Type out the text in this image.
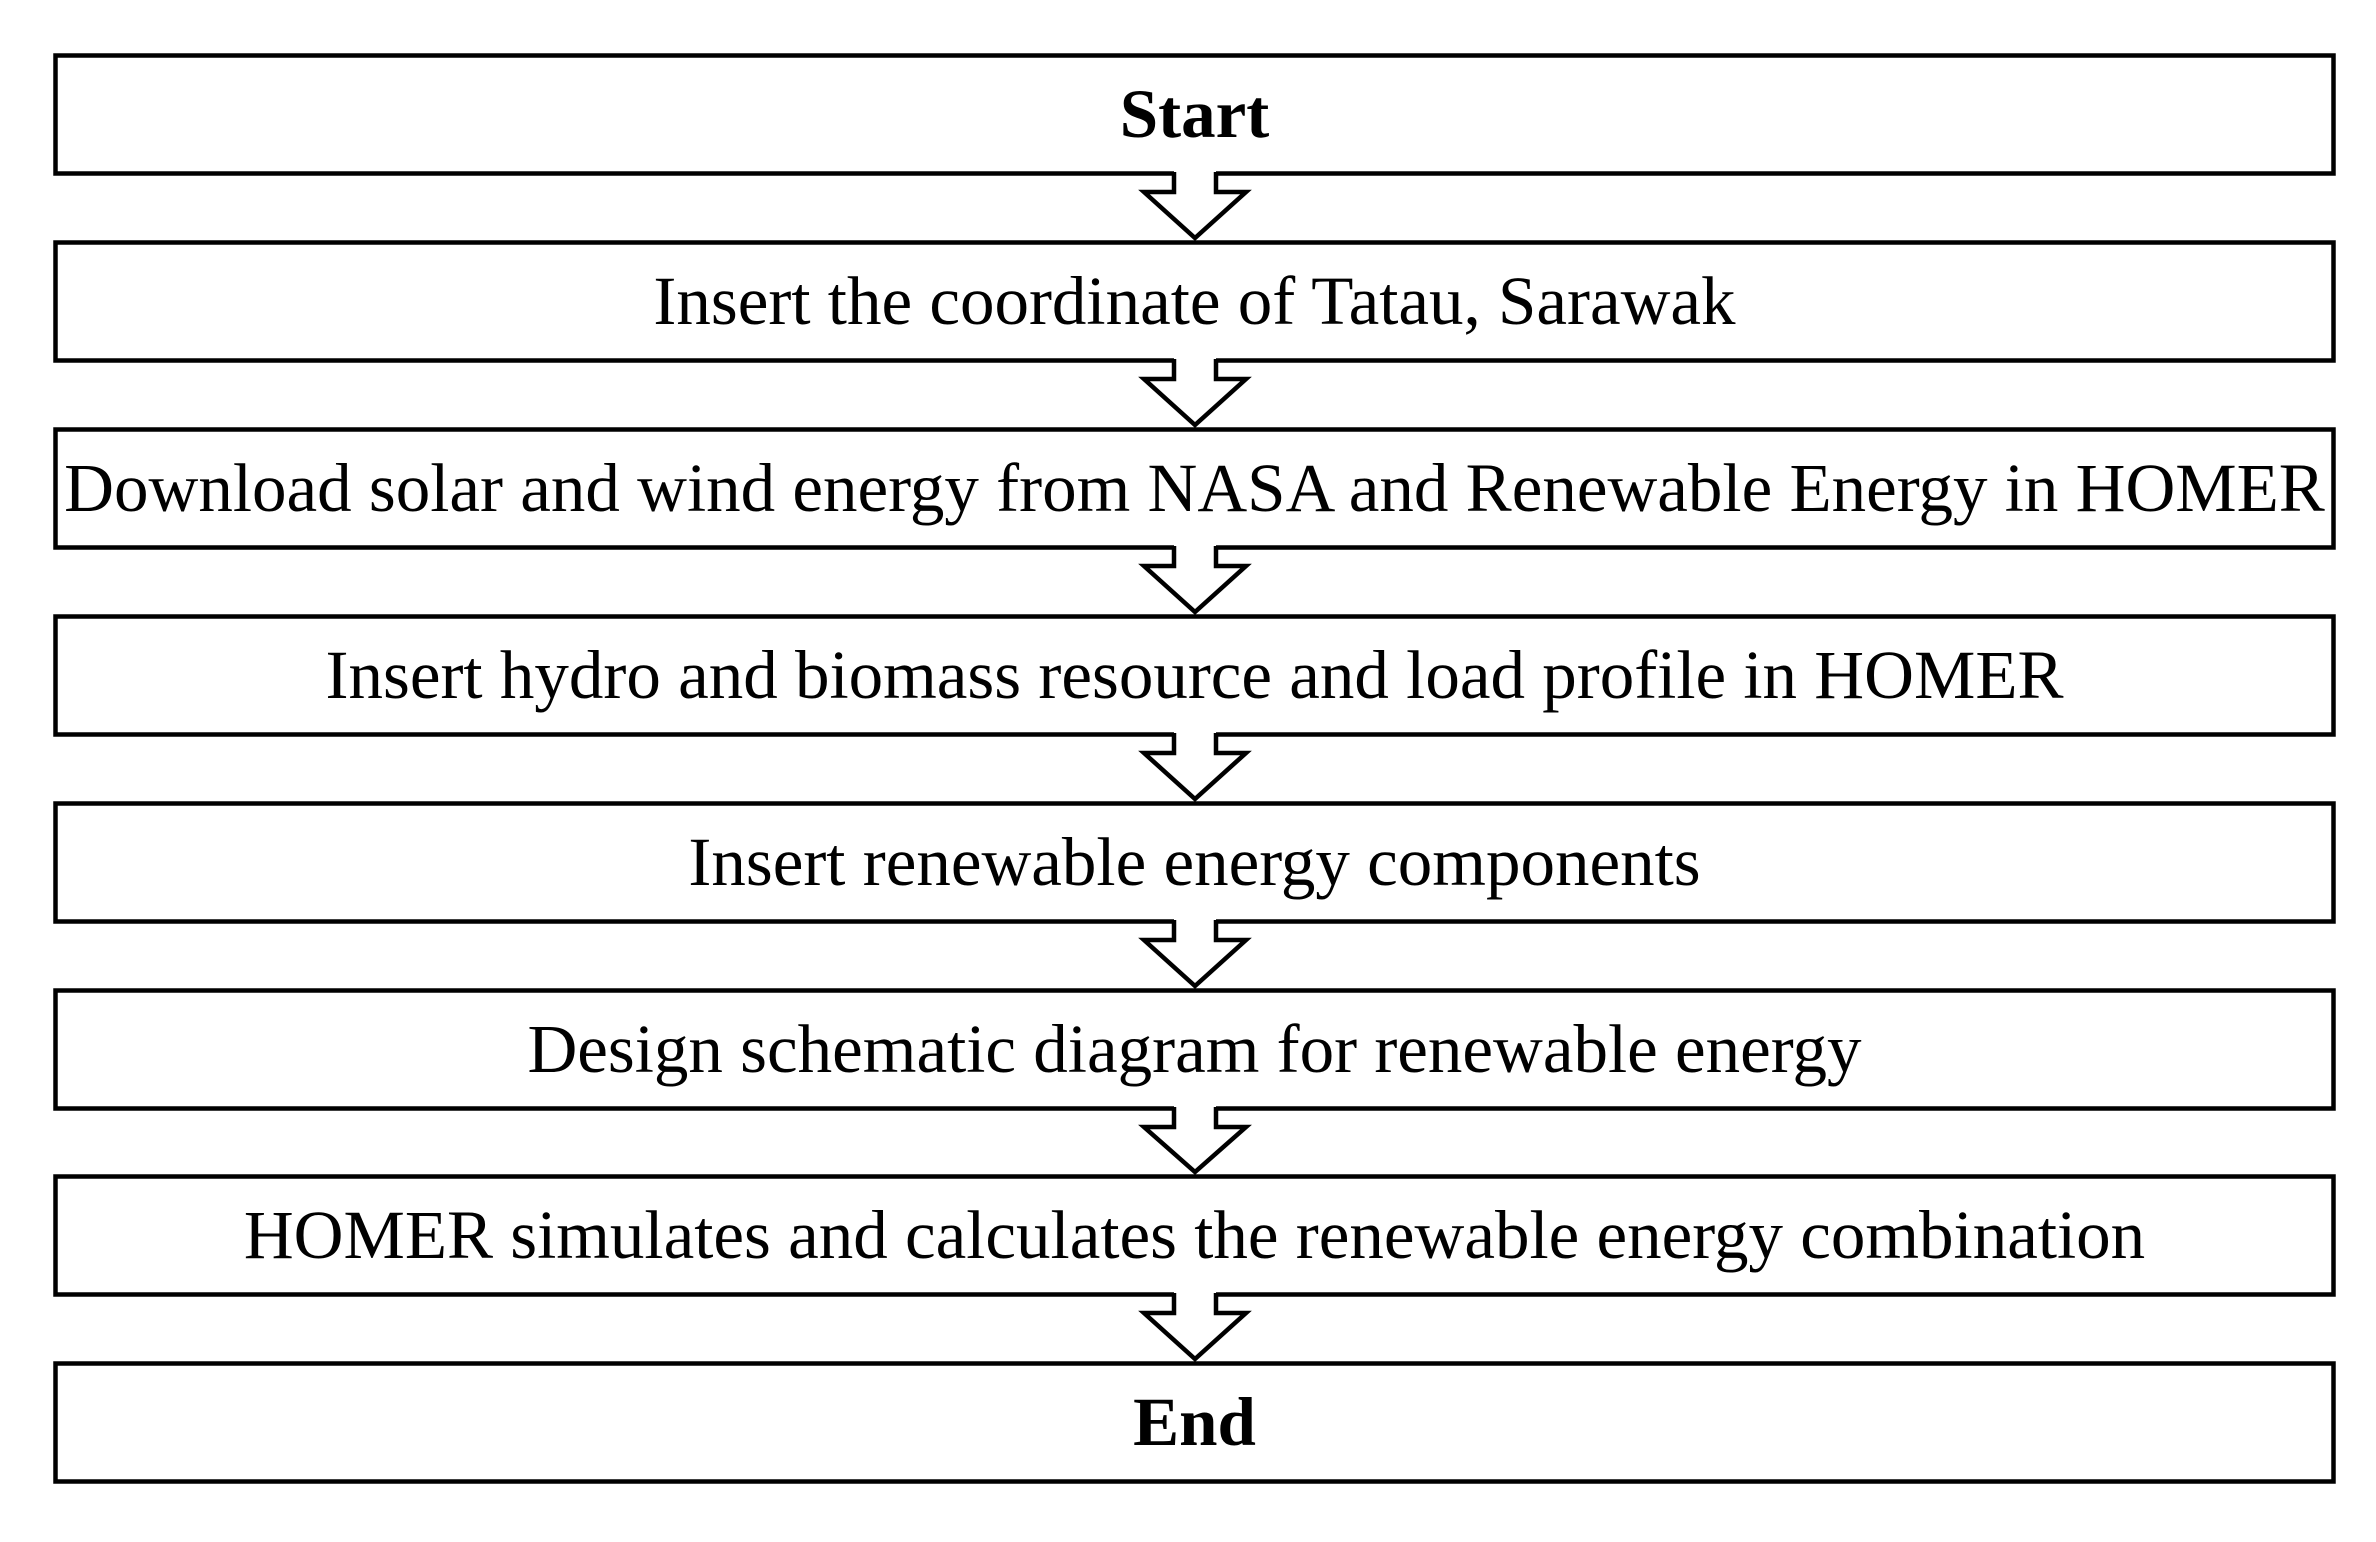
Start
Insert the coordinate of Tatau, Sarawak
Download solar and wind energy from NASA and Renewable Energy in HOMER
Insert hydro and biomass resource and load profile in HOMER
Insert renewable energy components
Design schematic diagram for renewable energy
HOMER simulates and calculates the renewable energy combination
End
